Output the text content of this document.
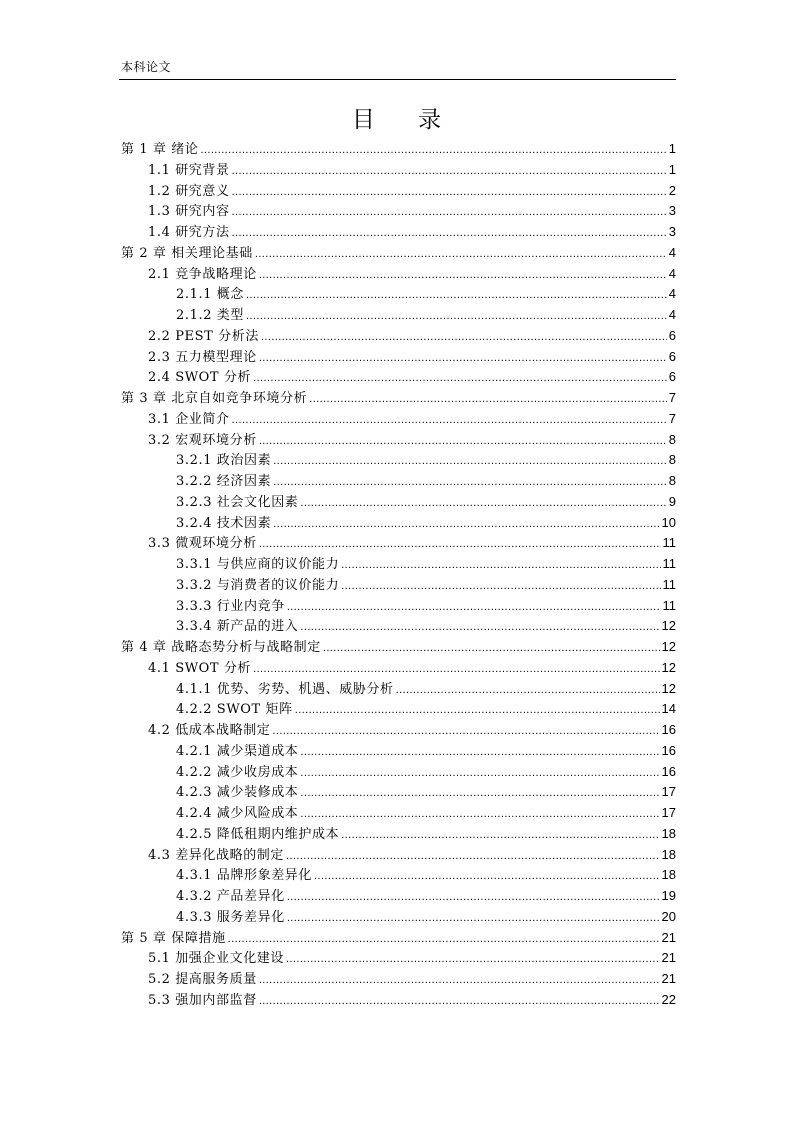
本科论文
目 录
第 1 章 绪论 .....	1
1.1 研究背景 .....	1
1.2 研究意义 .....	2
1.3 研究内容 .....	3
1.4 研究方法 .....	3
第 2 章 相关理论基础 .....	4
2.1 竞争战略理论 .....	4
2.1.1 概念 .....	4
2.1.2 类型 .....	4
2.2 PEST 分析法 .....	6
2.3 五力模型理论 .....	6
2.4 SWOT 分析 .....	6
第 3 章 北京自如竞争环境分析 .....	7
3.1 企业简介 .....	7
3.2 宏观环境分析 .....	8
3.2.1 政治因素 .....	8
3.2.2 经济因素 .....	8
3.2.3 社会文化因素 .....	9
3.2.4 技术因素 .....	10
3.3 微观环境分析 .....	11
3.3.1 与供应商的议价能力 .....	11
3.3.2 与消费者的议价能力 .....	11
3.3.3 行业内竞争 .....	11
3.3.4 新产品的进入 .....	12
第 4 章 战略态势分析与战略制定 .....	12
4.1 SWOT 分析 .....	12
4.1.1 优势、劣势、机遇、威胁分析 .....	12
4.2.2 SWOT 矩阵 .....	14
4.2 低成本战略制定 .....	16
4.2.1 减少渠道成本 .....	16
4.2.2 减少收房成本 .....	16
4.2.3 减少装修成本 .....	17
4.2.4 减少风险成本 .....	17
4.2.5 降低租期内维护成本 .....	18
4.3 差异化战略的制定 .....	18
4.3.1 品牌形象差异化 .....	18
4.3.2 产品差异化 .....	19
4.3.3 服务差异化 .....	20
第 5 章 保障措施 .....	21
5.1 加强企业文化建设 .....	21
5.2 提高服务质量 .....	21
5.3 强加内部监督 .....	22
